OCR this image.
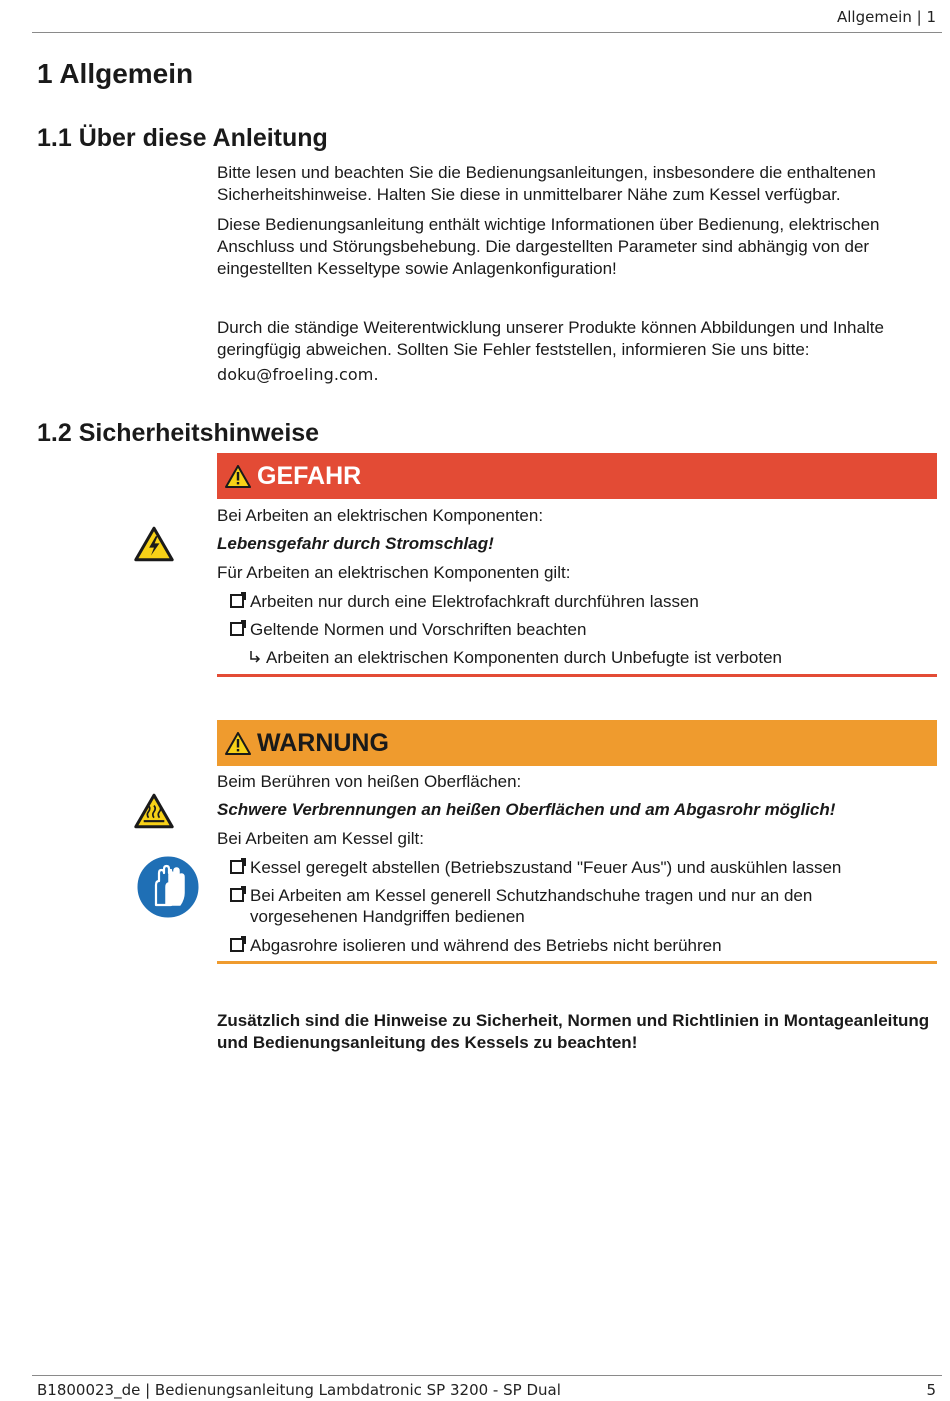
Allgemein | 1
1 Allgemein
1.1 Über diese Anleitung

Bitte lesen und beachten Sie die Bedienungsanleitungen, insbesondere die enthaltenen Sicherheitshinweise. Halten Sie diese in unmittelbarer Nähe zum Kessel verfügbar.

Diese Bedienungsanleitung enthält wichtige Informationen über Bedienung, elektrischen Anschluss und Störungsbehebung. Die dargestellten Parameter sind abhängig von der eingestellten Kesseltype sowie Anlagenkonfiguration!

Durch die ständige Weiterentwicklung unserer Produkte können Abbildungen und Inhalte geringfügig abweichen. Sollten Sie Fehler feststellen, informieren Sie uns bitte:

doku@froeling.com.

1.2 Sicherheitshinweise
GEFAHR
Bei Arbeiten an elektrischen Komponenten:
Lebensgefahr durch Stromschlag!
Für Arbeiten an elektrischen Komponenten gilt:
Arbeiten nur durch eine Elektrofachkraft durchführen lassen
Geltende Normen und Vorschriften beachten
Arbeiten an elektrischen Komponenten durch Unbefugte ist verboten
WARNUNG
Beim Berühren von heißen Oberflächen:
Schwere Verbrennungen an heißen Oberflächen und am Abgasrohr möglich!
Bei Arbeiten am Kessel gilt:
Kessel geregelt abstellen (Betriebszustand "Feuer Aus") und auskühlen lassen
Bei Arbeiten am Kessel generell Schutzhandschuhe tragen und nur an den vorgesehenen Handgriffen bedienen
Abgasrohre isolieren und während des Betriebs nicht berühren
Zusätzlich sind die Hinweise zu Sicherheit, Normen und Richtlinien in Montageanleitung und Bedienungsanleitung des Kessels zu beachten!
B1800023_de | Bedienungsanleitung Lambdatronic SP 3200 - SP Dual	5
